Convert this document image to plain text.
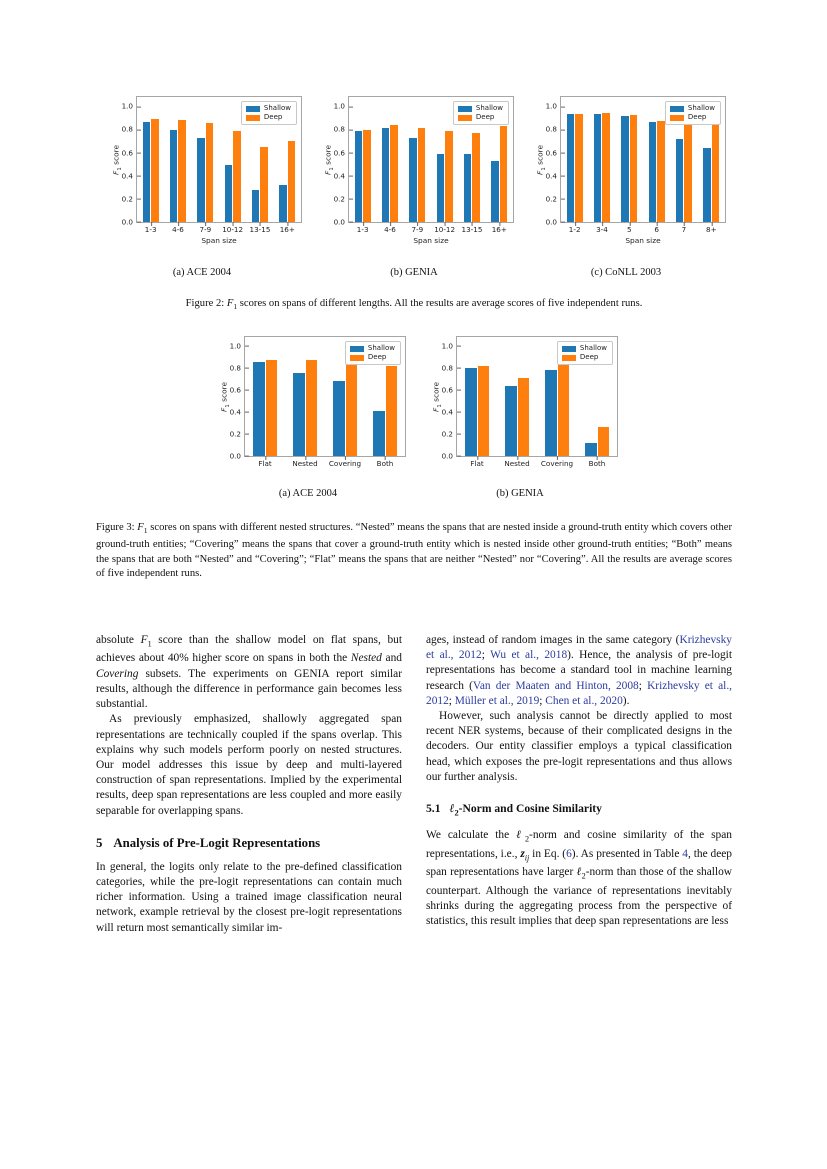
0.0
0.2
0.4
0.6
0.8
1.0
1-3 4-6 7-9 10-12 13-15 16+
Shallow
Deep
Span size
$F_1$ score
0.0
0.2
0.4
0.6
0.8
1.0
1-3 4-6 7-9 10-12 13-15 16+
Shallow
Deep
Span size
$F_1$ score
0.0
0.2
0.4
0.6
0.8
1.0
1-2 3-4	5	6	7	8+
Shallow
Deep
Span size
$F_1$ score
(a) ACE 2004	(b) GENIA	(c) CoNLL 2003
Figure 2: $F_1$ scores on spans of different lengths. All the results are average scores of five independent runs.
0.0
0.2
0.4
0.6
0.8
1.0
Flat	Nested Covering Both
Shallow
Deep
$F_1$ score
0.0
0.2
0.4
0.6
0.8
1.0
Flat	Nested Covering Both
Shallow
Deep
$F_1$ score
(a) ACE 2004	(b) GENIA
Figure 3: $F_1$ scores on spans with different nested structures. “Nested” means the spans that are nested inside a ground-truth entity which covers other ground-truth entities; “Covering” means the spans that cover a ground-truth entity which is nested inside other ground-truth entities; “Both” means the spans that are both “Nested” and “Covering”; “Flat” means the spans that are neither “Nested” nor “Covering”. All the results are average scores of five independent runs.

absolute $F_1$ score than the shallow model on flat spans, but achieves about 40% higher score on spans in both the Nested and Covering subsets. The experiments on GENIA report similar results, although the difference in performance gain becomes less substantial.

As previously emphasized, shallowly aggregated span representations are technically coupled if the spans overlap. This explains why such models perform poorly on nested structures. Our model addresses this issue by deep and multi-layered construction of span representations. Implied by the experimental results, deep span representations are less coupled and more easily separable for overlapping spans.

5 Analysis of Pre-Logit Representations

In general, the logits only relate to the pre-defined classification categories, while the pre-logit representations can contain much richer information. Using a trained image classification neural network, example retrieval by the closest pre-logit representations will return most semantically similar im-

ages, instead of random images in the same category (Krizhevsky et al., 2012; Wu et al., 2018). Hence, the analysis of pre-logit representations has become a standard tool in machine learning research (Van der Maaten and Hinton, 2008; Krizhevsky et al., 2012; Müller et al., 2019; Chen et al., 2020).

However, such analysis cannot be directly applied to most recent NER systems, because of their complicated designs in the decoders. Our entity classifier employs a typical classification head, which exposes the pre-logit representations and thus allows our further analysis.

5.1 ℓ$_2$-Norm and Cosine Similarity

We calculate the ℓ$_2$-norm and cosine similarity of the span representations, i.e., $z_{ij}$ in Eq. (6). As presented in Table 4, the deep span representations have larger ℓ$_2$-norm than those of the shallow counterpart. Although the variance of representations inevitably shrinks during the aggregating process from the perspective of statistics, this result implies that deep span representations are less
